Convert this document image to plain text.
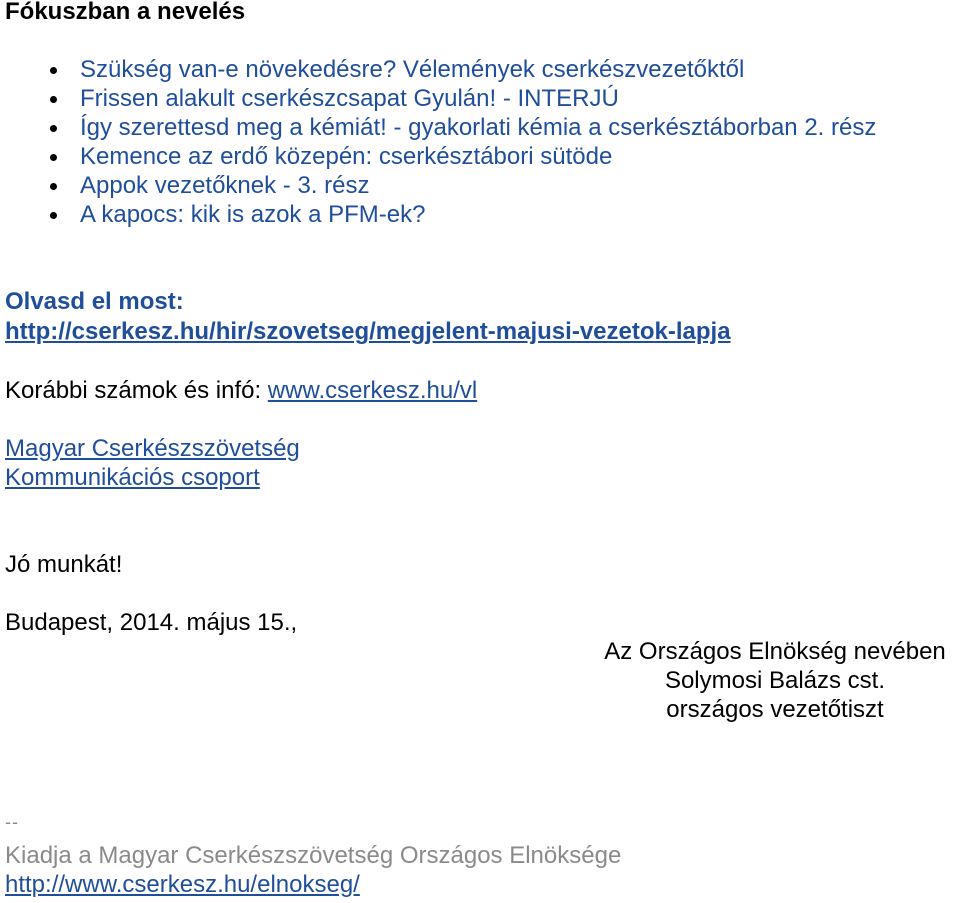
Fókuszban a nevelés
Szükség van-e növekedésre? Vélemények cserkészvezetőktől
Frissen alakult cserkészcsapat Gyulán! - INTERJÚ
Így szerettesd meg a kémiát! - gyakorlati kémia a cserkésztáborban 2. rész
Kemence az erdő közepén: cserkésztábori sütöde
Appok vezetőknek - 3. rész
A kapocs: kik is azok a PFM-ek?
Olvasd el most:
http://cserkesz.hu/hir/szovetseg/megjelent-majusi-vezetok-lapja
Korábbi számok és infó: www.cserkesz.hu/vl
Magyar Cserkészszövetség
Kommunikációs csoport
Jó munkát!
Budapest, 2014. május 15.,
Az Országos Elnökség nevében
Solymosi Balázs cst.
országos vezetőtiszt
--
Kiadja a Magyar Cserkészszövetség Országos Elnöksége
http://www.cserkesz.hu/elnokseg/
